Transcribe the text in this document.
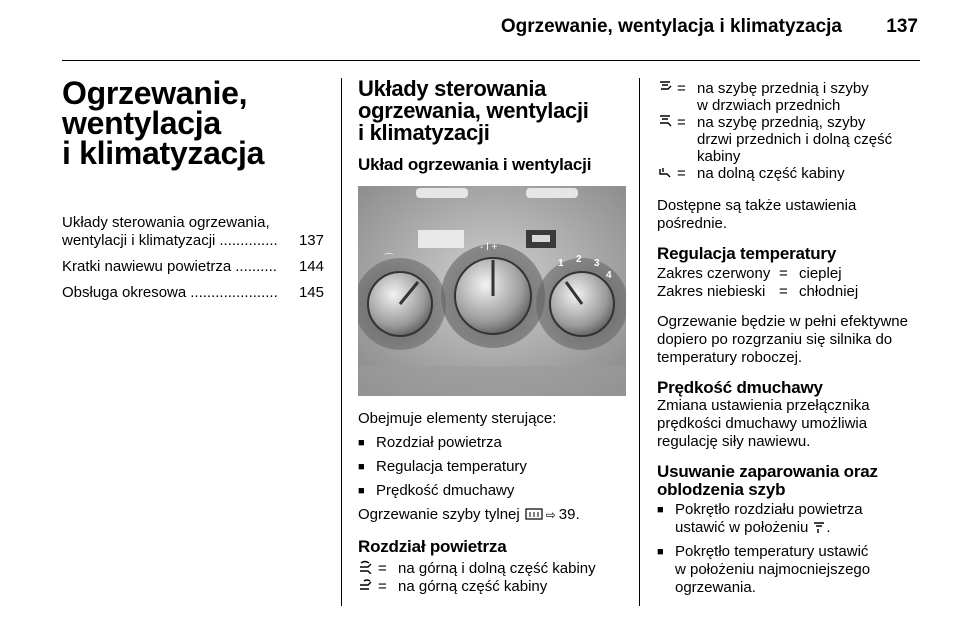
Ogrzewanie, wentylacja i klimatyzacja 137
Ogrzewanie,
wentylacja
i klimatyzacja
Układy sterowania ogrzewania,
wentylacji i klimatyzacji ..............	137
Kratki nawiewu powietrza ..........	144
Obsługa okresowa .....................	145
Układy sterowania
ogrzewania, wentylacji
i klimatyzacji
Układ ogrzewania i wentylacji
⌒
- ǀ +
1 2 3
4
Obejmuje elementy sterujące:
■ Rozdział powietrza
■ Regulacja temperatury
■ Prędkość dmuchawy
Ogrzewanie szyby tylnej ⇨ 39.
Rozdział powietrza
= na górną i dolną część kabiny
= na górną część kabiny
= na szybę przednią i szyby
w drzwiach przednich
= na szybę przednią, szyby
drzwi przednich i dolną część
kabiny
= na dolną część kabiny
Dostępne są także ustawienia
pośrednie.
Regulacja temperatury
Zakres czerwony = cieplej
Zakres niebieski = chłodniej
Ogrzewanie będzie w pełni efektywne
dopiero po rozgrzaniu się silnika do
temperatury roboczej.
Prędkość dmuchawy
Zmiana ustawienia przełącznika
prędkości dmuchawy umożliwia
regulację siły nawiewu.
Usuwanie zaparowania oraz
oblodzenia szyb
■ Pokrętło rozdziału powietrza
ustawić w położeniu .
■ Pokrętło temperatury ustawić
w położeniu najmocniejszego
ogrzewania.
